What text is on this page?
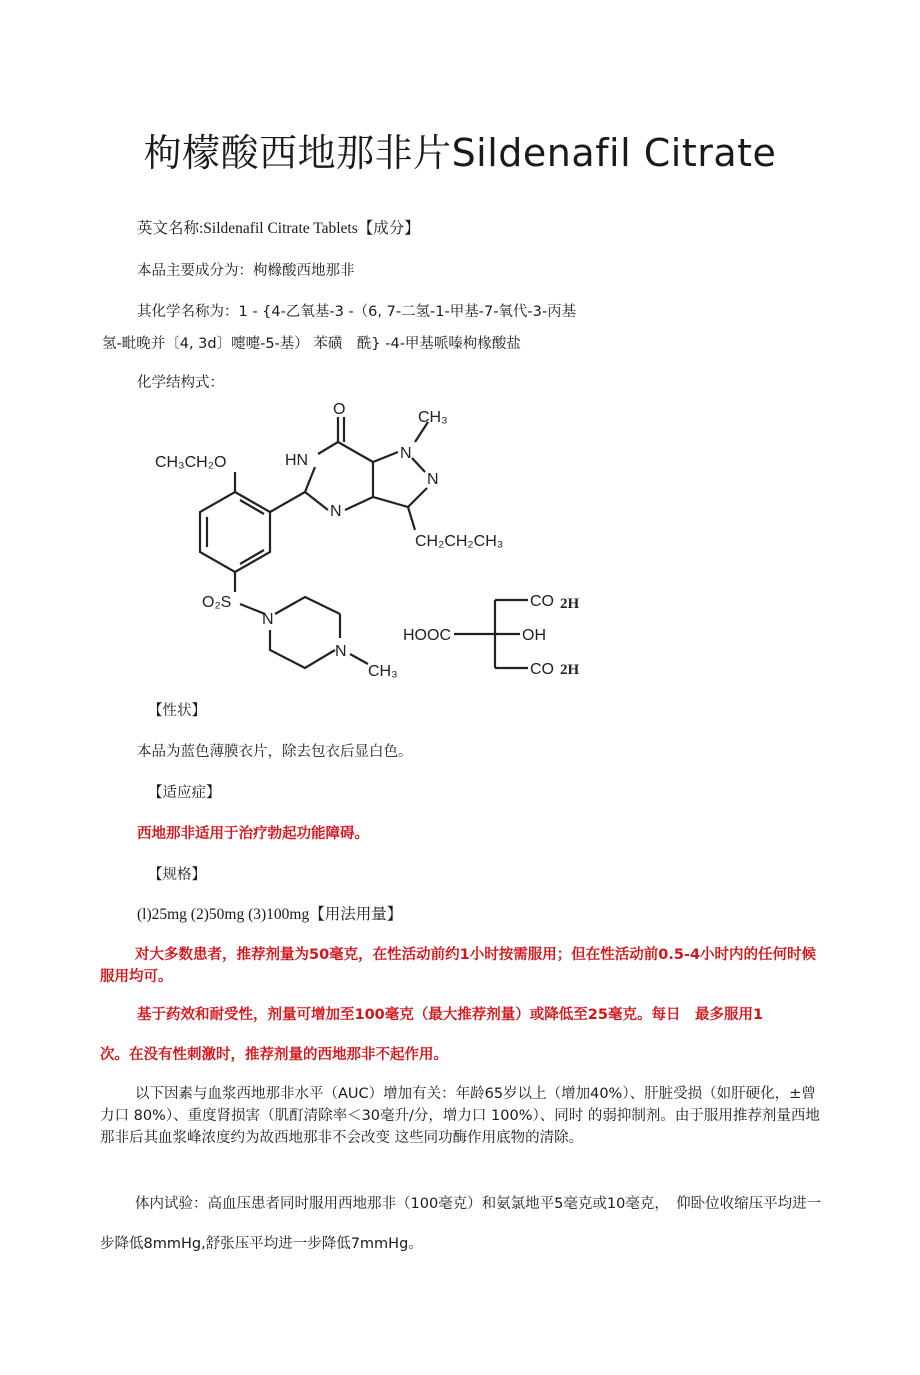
枸檬酸西地那非片Sildenafil Citrate
英文名称:Sildenafil Citrate Tablets【成分】
本品主要成分为：枸橼酸西地那非
其化学名称为：1 - {4-乙氧基-3 -（6, 7-二氢-1-甲基-7-氧代-3-丙基
氢-毗晚并〔4, 3d〕嚏嚏-5-基） 苯磺　酰} -4-甲基哌嗪枸椽酸盐
化学结构式：
CH₃CH₂O	HN
O
N
N
CH₃
N
CH₂CH₂CH₃
O₂S
N
N
CH₃
HOOC	OH
CO 2H
CO 2H
【性状】
本品为蓝色薄膜衣片，除去包衣后显白色。
【适应症】
西地那非适用于治疗勃起功能障碍。
【规格】
(l)25mg (2)50mg (3)100mg【用法用量】
对大多数患者，推荐剂量为50毫克，在性活动前约1小时按需服用；但在性活动前0.5-4小时内的任何时候服用均可。
基于药效和耐受性，剂量可增加至100毫克（最大推荐剂量）或降低至25毫克。每日　最多服用1
次。在没有性刺激时，推荐剂量的西地那非不起作用。
以下因素与血浆西地那非水平（AUC）增加有关：年龄65岁以上（增加40%）、肝脏受损（如肝硬化，±曾力口 80%）、重度肾损害（肌酊清除率＜30毫升/分，增力口 100%）、同时 的弱抑制剂。由于服用推荐剂量西地那非后其血浆峰浓度约为故西地那非不会改变 这些同功酶作用底物的清除。
体内试验：高血压患者同时服用西地那非（100毫克）和氨氯地平5毫克或10毫克，　仰卧位收缩压平均进一步降低8mmHg,舒张压平均进一步降低7mmHg。
